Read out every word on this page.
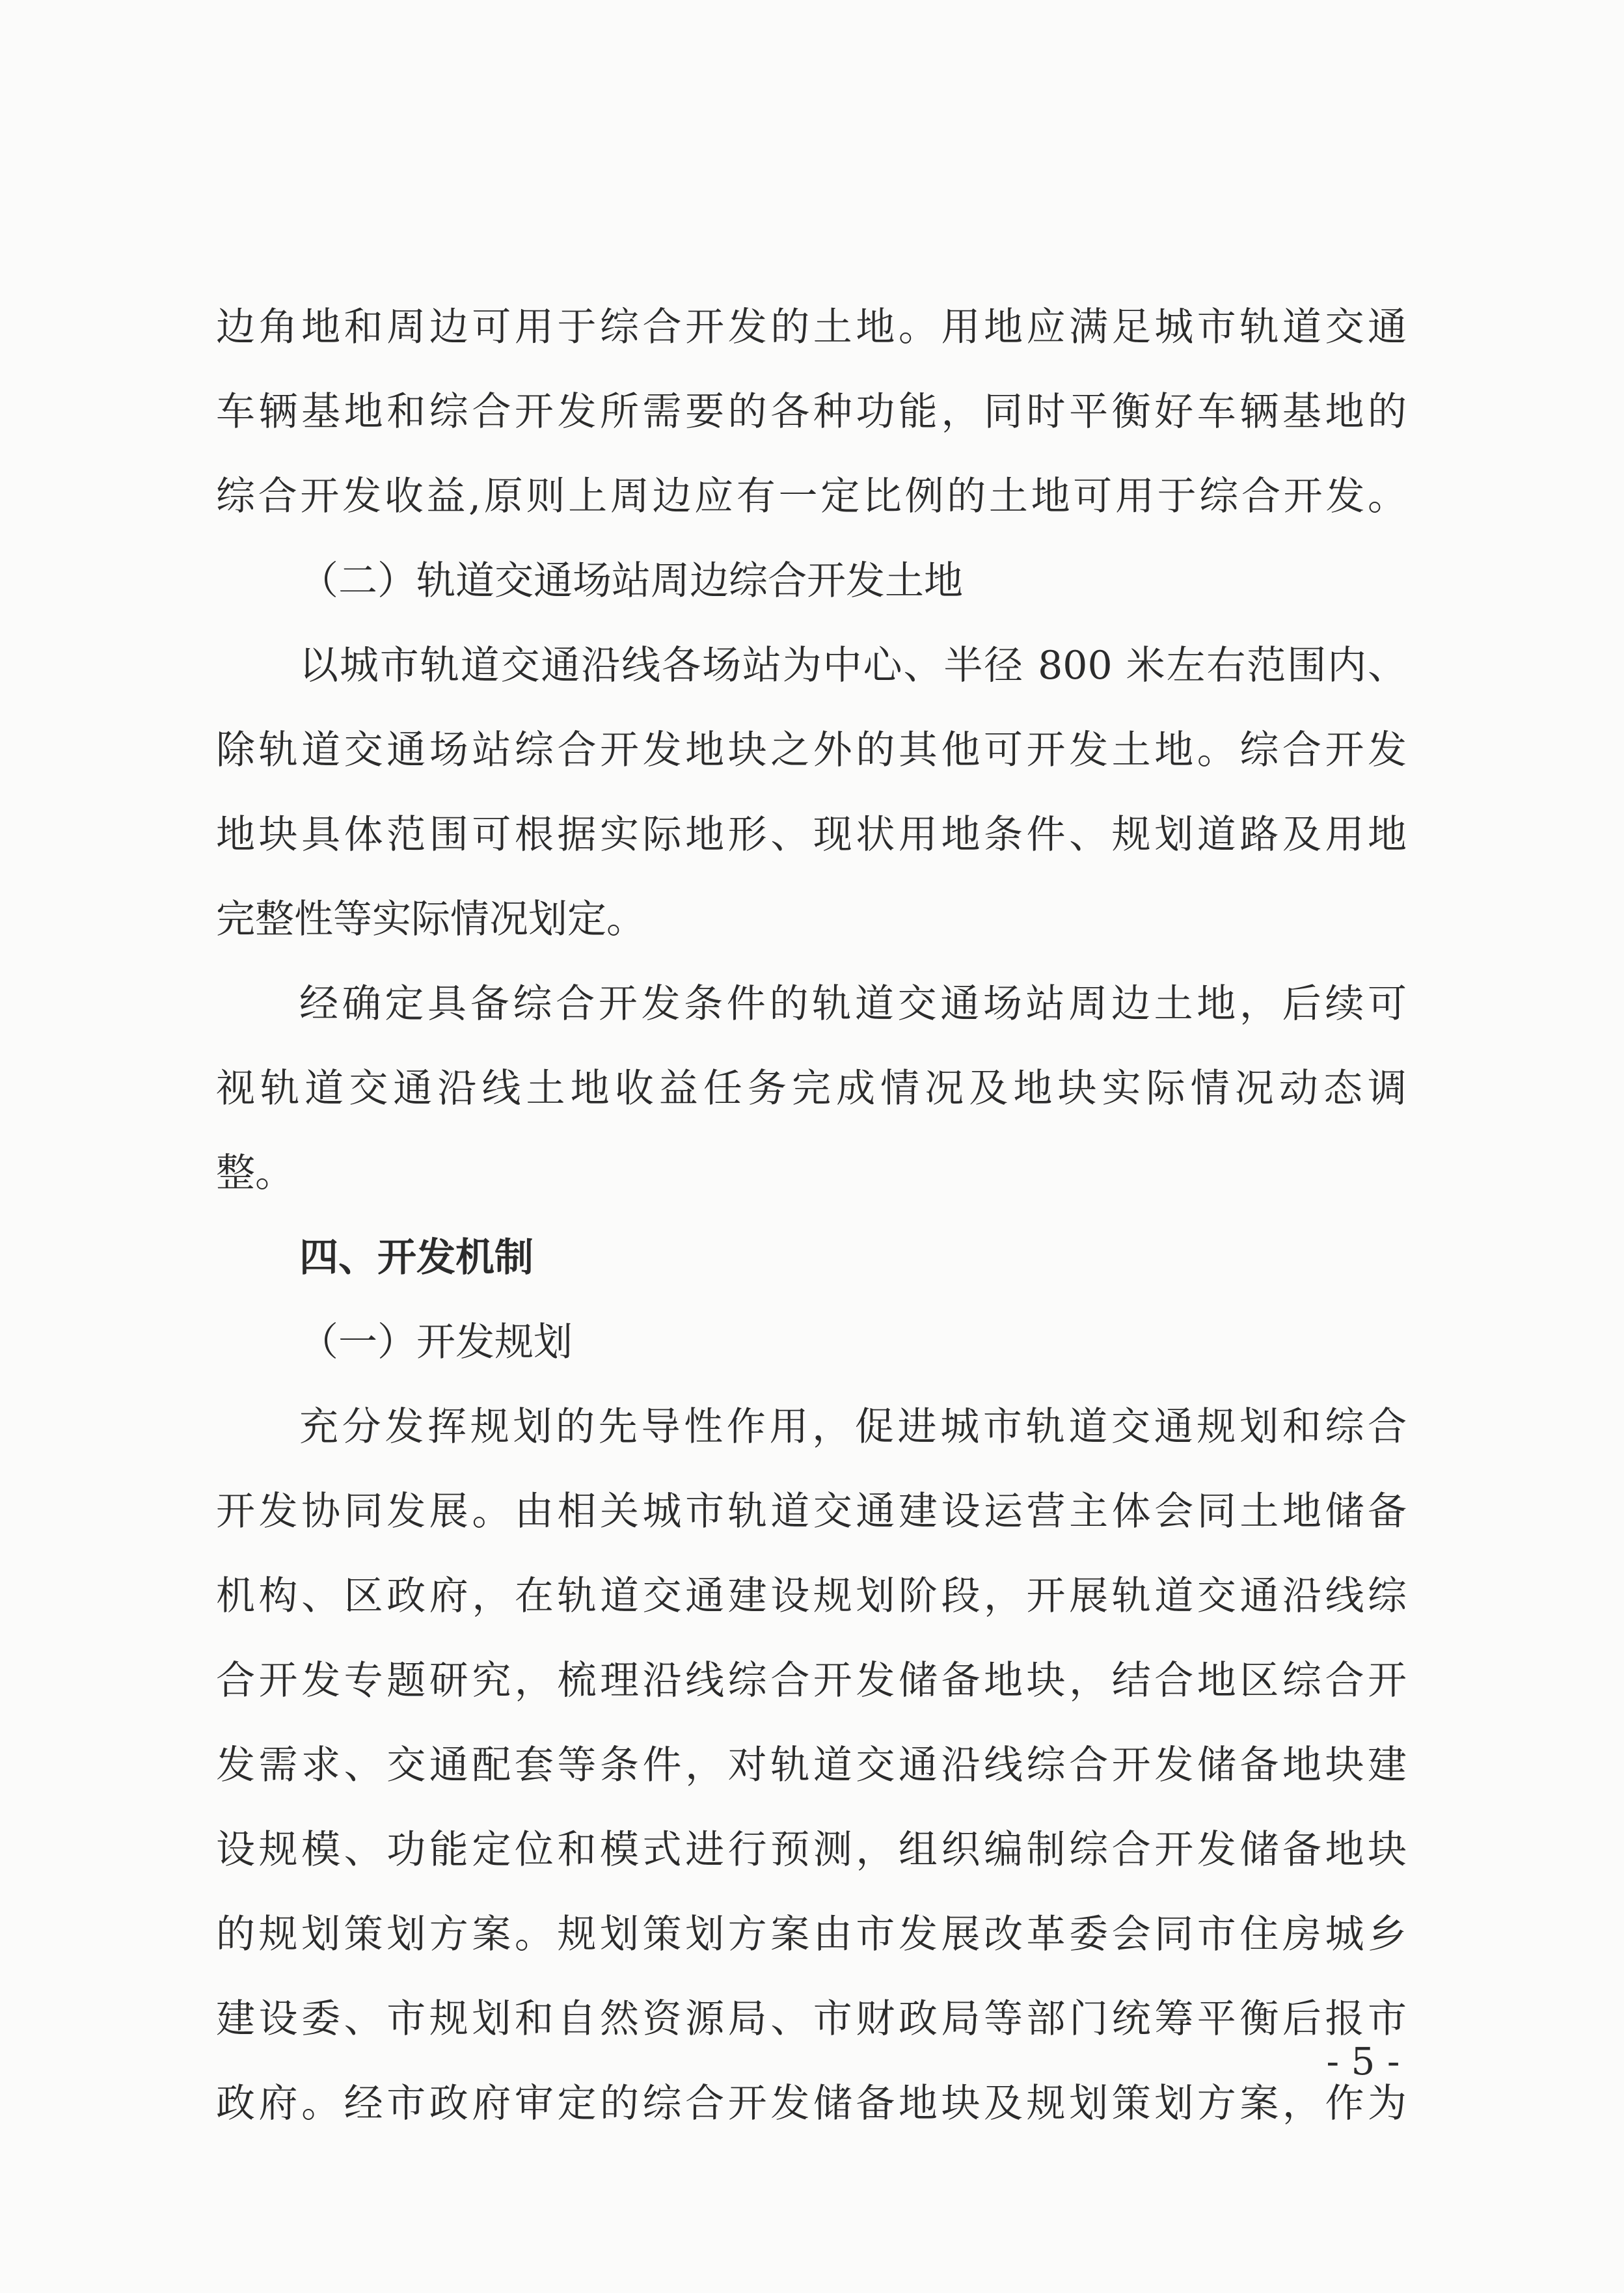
边角地和周边可用于综合开发的土地。用地应满足城市轨道交通
车辆基地和综合开发所需要的各种功能，同时平衡好车辆基地的
综合开发收益,原则上周边应有一定比例的土地可用于综合开发。
（二）轨道交通场站周边综合开发土地
以城市轨道交通沿线各场站为中心、半径 800 米左右范围内、
除轨道交通场站综合开发地块之外的其他可开发土地。综合开发
地块具体范围可根据实际地形、现状用地条件、规划道路及用地
完整性等实际情况划定。
经确定具备综合开发条件的轨道交通场站周边土地，后续可
视轨道交通沿线土地收益任务完成情况及地块实际情况动态调
整。
四、开发机制
（一）开发规划
充分发挥规划的先导性作用，促进城市轨道交通规划和综合
开发协同发展。由相关城市轨道交通建设运营主体会同土地储备
机构、区政府，在轨道交通建设规划阶段，开展轨道交通沿线综
合开发专题研究，梳理沿线综合开发储备地块，结合地区综合开
发需求、交通配套等条件，对轨道交通沿线综合开发储备地块建
设规模、功能定位和模式进行预测，组织编制综合开发储备地块
的规划策划方案。规划策划方案由市发展改革委会同市住房城乡
建设委、市规划和自然资源局、市财政局等部门统筹平衡后报市
政府。经市政府审定的综合开发储备地块及规划策划方案，作为
- 5 -
